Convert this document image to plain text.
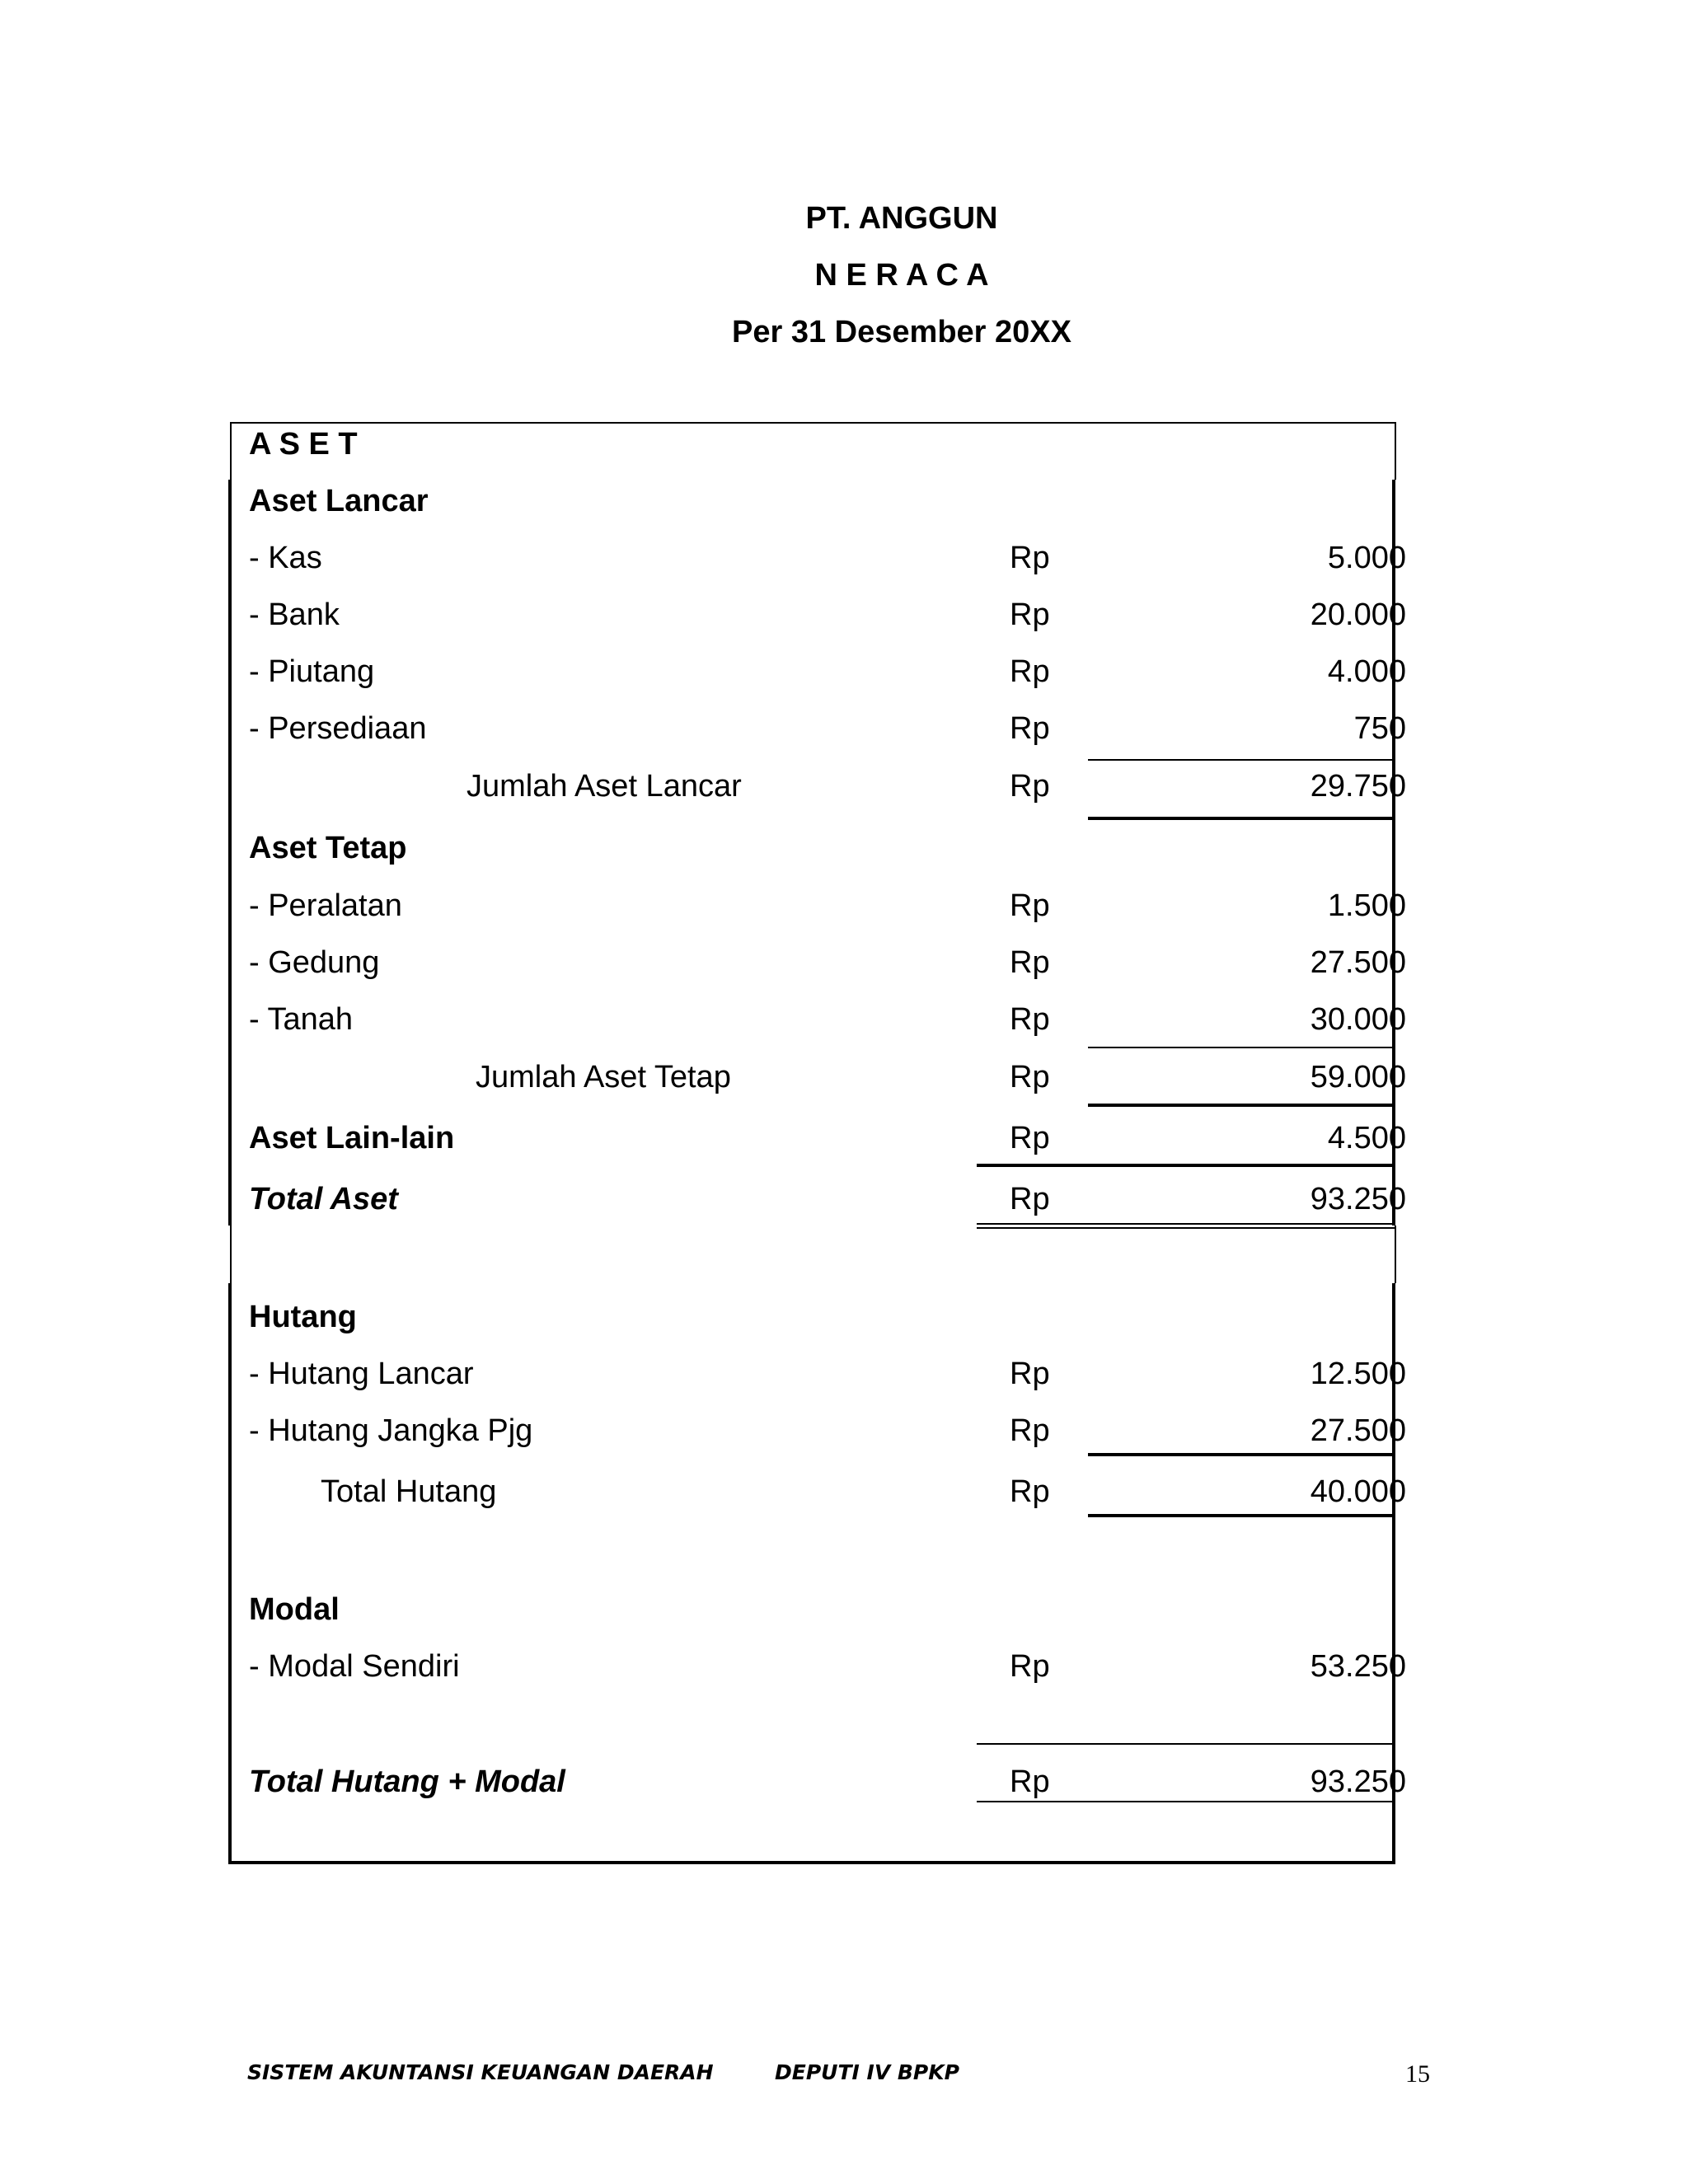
PT. ANGGUN
N E R A C A
Per 31 Desember 20XX
A S E T
Aset Lancar
- Kas	Rp	5.000
- Bank	Rp	20.000
- Piutang	Rp	4.000
- Persediaan	Rp	750
Jumlah Aset Lancar	Rp	29.750
Aset Tetap
- Peralatan	Rp	1.500
- Gedung	Rp	27.500
- Tanah	Rp	30.000
Jumlah Aset Tetap	Rp	59.000
Aset Lain-lain	Rp	4.500
Total Aset	Rp	93.250
Hutang
- Hutang Lancar	Rp	12.500
- Hutang Jangka Pjg	Rp	27.500
Total Hutang	Rp	40.000
Modal
- Modal Sendiri	Rp	53.250
Total Hutang + Modal	Rp	93.250
SISTEM AKUNTANSI KEUANGAN DAERAH	DEPUTI IV BPKP	15
